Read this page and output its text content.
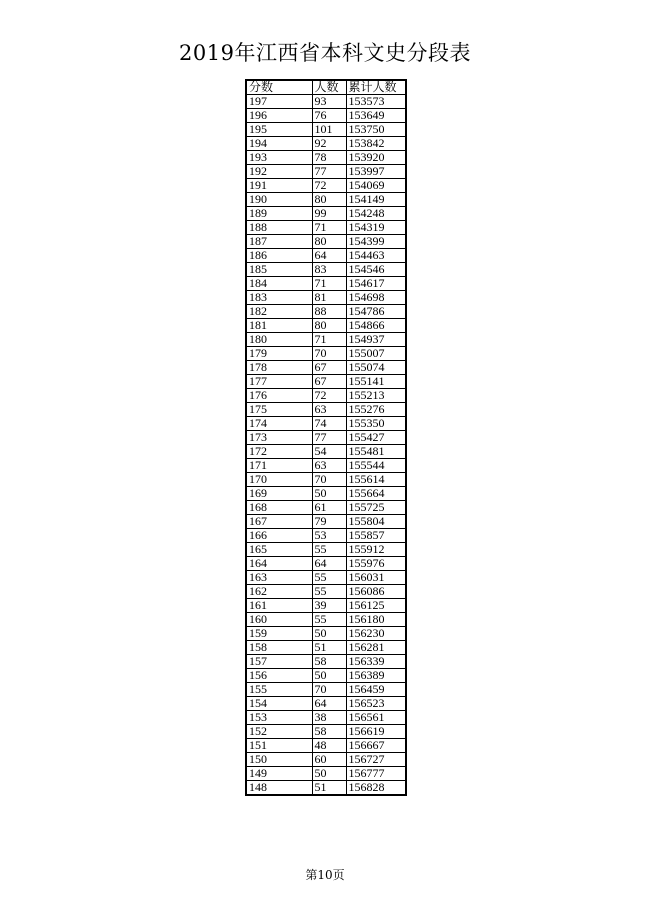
2019年江西省本科文史分段表
分数	人数	累计人数
197	93	153573
196	76	153649
195	101	153750
194	92	153842
193	78	153920
192	77	153997
191	72	154069
190	80	154149
189	99	154248
188	71	154319
187	80	154399
186	64	154463
185	83	154546
184	71	154617
183	81	154698
182	88	154786
181	80	154866
180	71	154937
179	70	155007
178	67	155074
177	67	155141
176	72	155213
175	63	155276
174	74	155350
173	77	155427
172	54	155481
171	63	155544
170	70	155614
169	50	155664
168	61	155725
167	79	155804
166	53	155857
165	55	155912
164	64	155976
163	55	156031
162	55	156086
161	39	156125
160	55	156180
159	50	156230
158	51	156281
157	58	156339
156	50	156389
155	70	156459
154	64	156523
153	38	156561
152	58	156619
151	48	156667
150	60	156727
149	50	156777
148	51	156828
第10页
